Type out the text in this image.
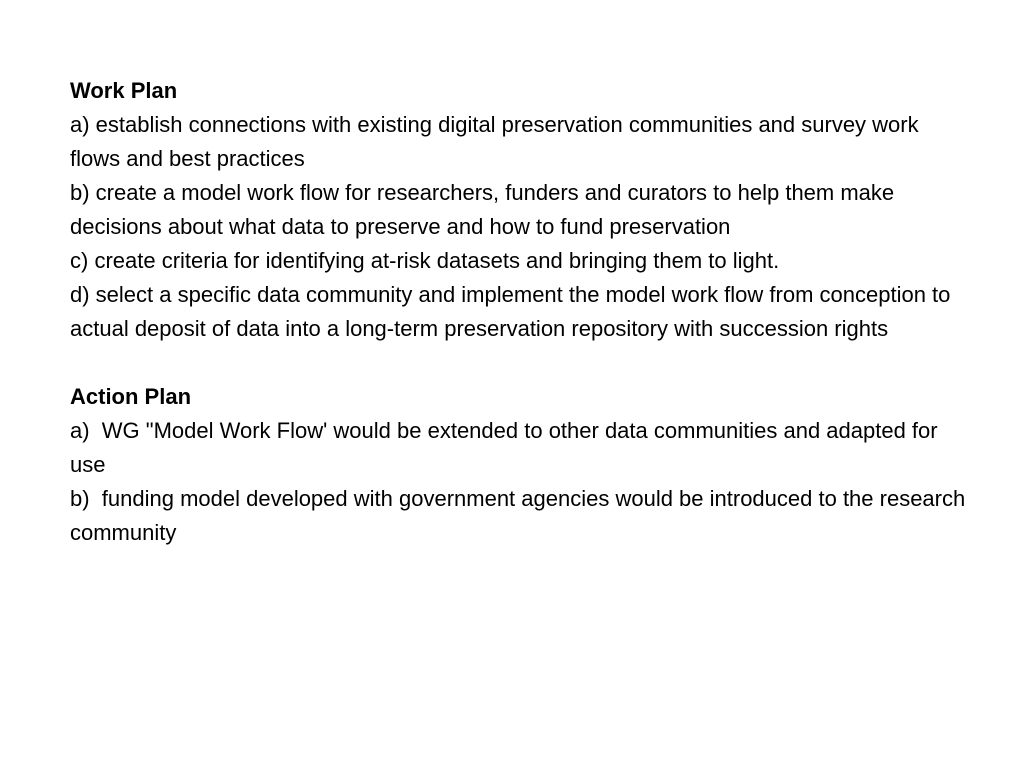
Work Plan

a) establish connections with existing digital preservation communities and survey work flows and best practices

b) create a model work flow for researchers, funders and curators to help them make decisions about what data to preserve and how to fund preservation

c) create criteria for identifying at-risk datasets and bringing them to light.

d) select a specific data community and implement the model work flow from conception to actual deposit of data into a long-term preservation repository with succession rights

Action Plan

a)  WG "Model Work Flow' would be extended to other data communities and adapted for use

b)  funding model developed with government agencies would be introduced to the research community
